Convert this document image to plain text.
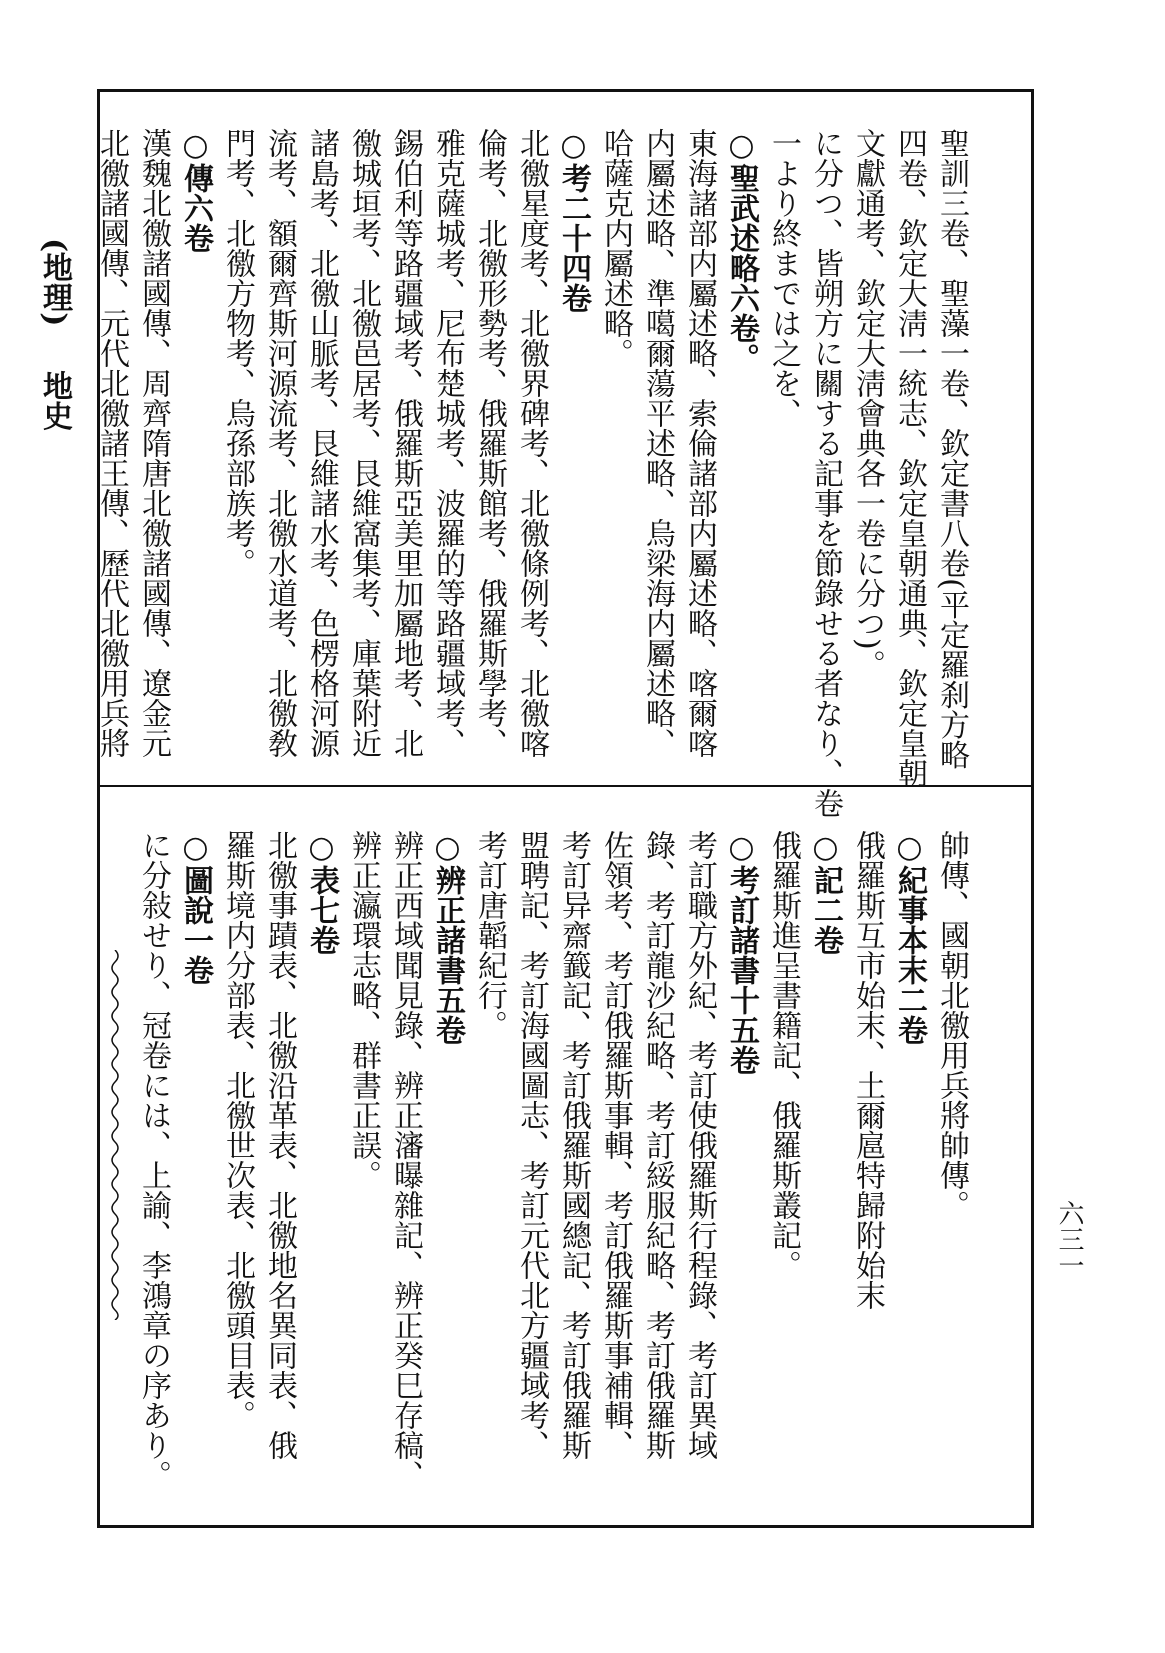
(地理) 地史
六三一
聖訓三卷、聖藻一卷、欽定書八卷(平定羅刹方略
四卷、欽定大淸一統志、欽定皇朝通典、欽定皇朝
文獻通考、欽定大淸會典各一卷に分つ)。
に分つ、皆朔方に關する記事を節錄せる者なり、卷
一より終までは之を、
○聖武述略六卷。
東海諸部内屬述略、索倫諸部内屬述略、喀爾喀
内屬述略、準噶爾蕩平述略、烏梁海内屬述略、
哈薩克内屬述略。
○考二十四卷
北徼星度考、北徼界碑考、北徼條例考、北徼喀
倫考、北徼形勢考、俄羅斯館考、俄羅斯學考、
雅克薩城考、尼布楚城考、波羅的等路疆域考、
錫伯利等路疆域考、俄羅斯亞美里加屬地考、北
徼城垣考、北徼邑居考、艮維窩集考、庫葉附近
諸島考、北徼山脈考、艮維諸水考、色楞格河源
流考、額爾齊斯河源流考、北徼水道考、北徼敎
門考、北徼方物考、烏孫部族考。
○傳六卷
漢魏北徼諸國傳、周齊隋唐北徼諸國傳、遼金元
北徼諸國傳、元代北徼諸王傳、歷代北徼用兵將
帥傳、國朝北徼用兵將帥傳。
○紀事本末二卷
俄羅斯互市始末、土爾扈特歸附始末
○記二卷
俄羅斯進呈書籍記、俄羅斯叢記。
○考訂諸書十五卷
考訂職方外紀、考訂使俄羅斯行程錄、考訂異域
錄、考訂龍沙紀略、考訂綏服紀略、考訂俄羅斯
佐領考、考訂俄羅斯事輯、考訂俄羅斯事補輯、
考訂异齋籖記、考訂俄羅斯國總記、考訂俄羅斯
盟聘記、考訂海國圖志、考訂元代北方疆域考、
考訂唐韜紀行。
○辨正諸書五卷
辨正西域聞見錄、辨正瀋曝雜記、辨正癸巳存稿、
辨正瀛環志略、群書正誤。
○表七卷
北徼事蹟表、北徼沿革表、北徼地名異同表、俄
羅斯境内分部表、北徼世次表、北徼頭目表。
○圖說一卷
に分敍せり、冠卷には、上諭、李鴻章の序あり。
